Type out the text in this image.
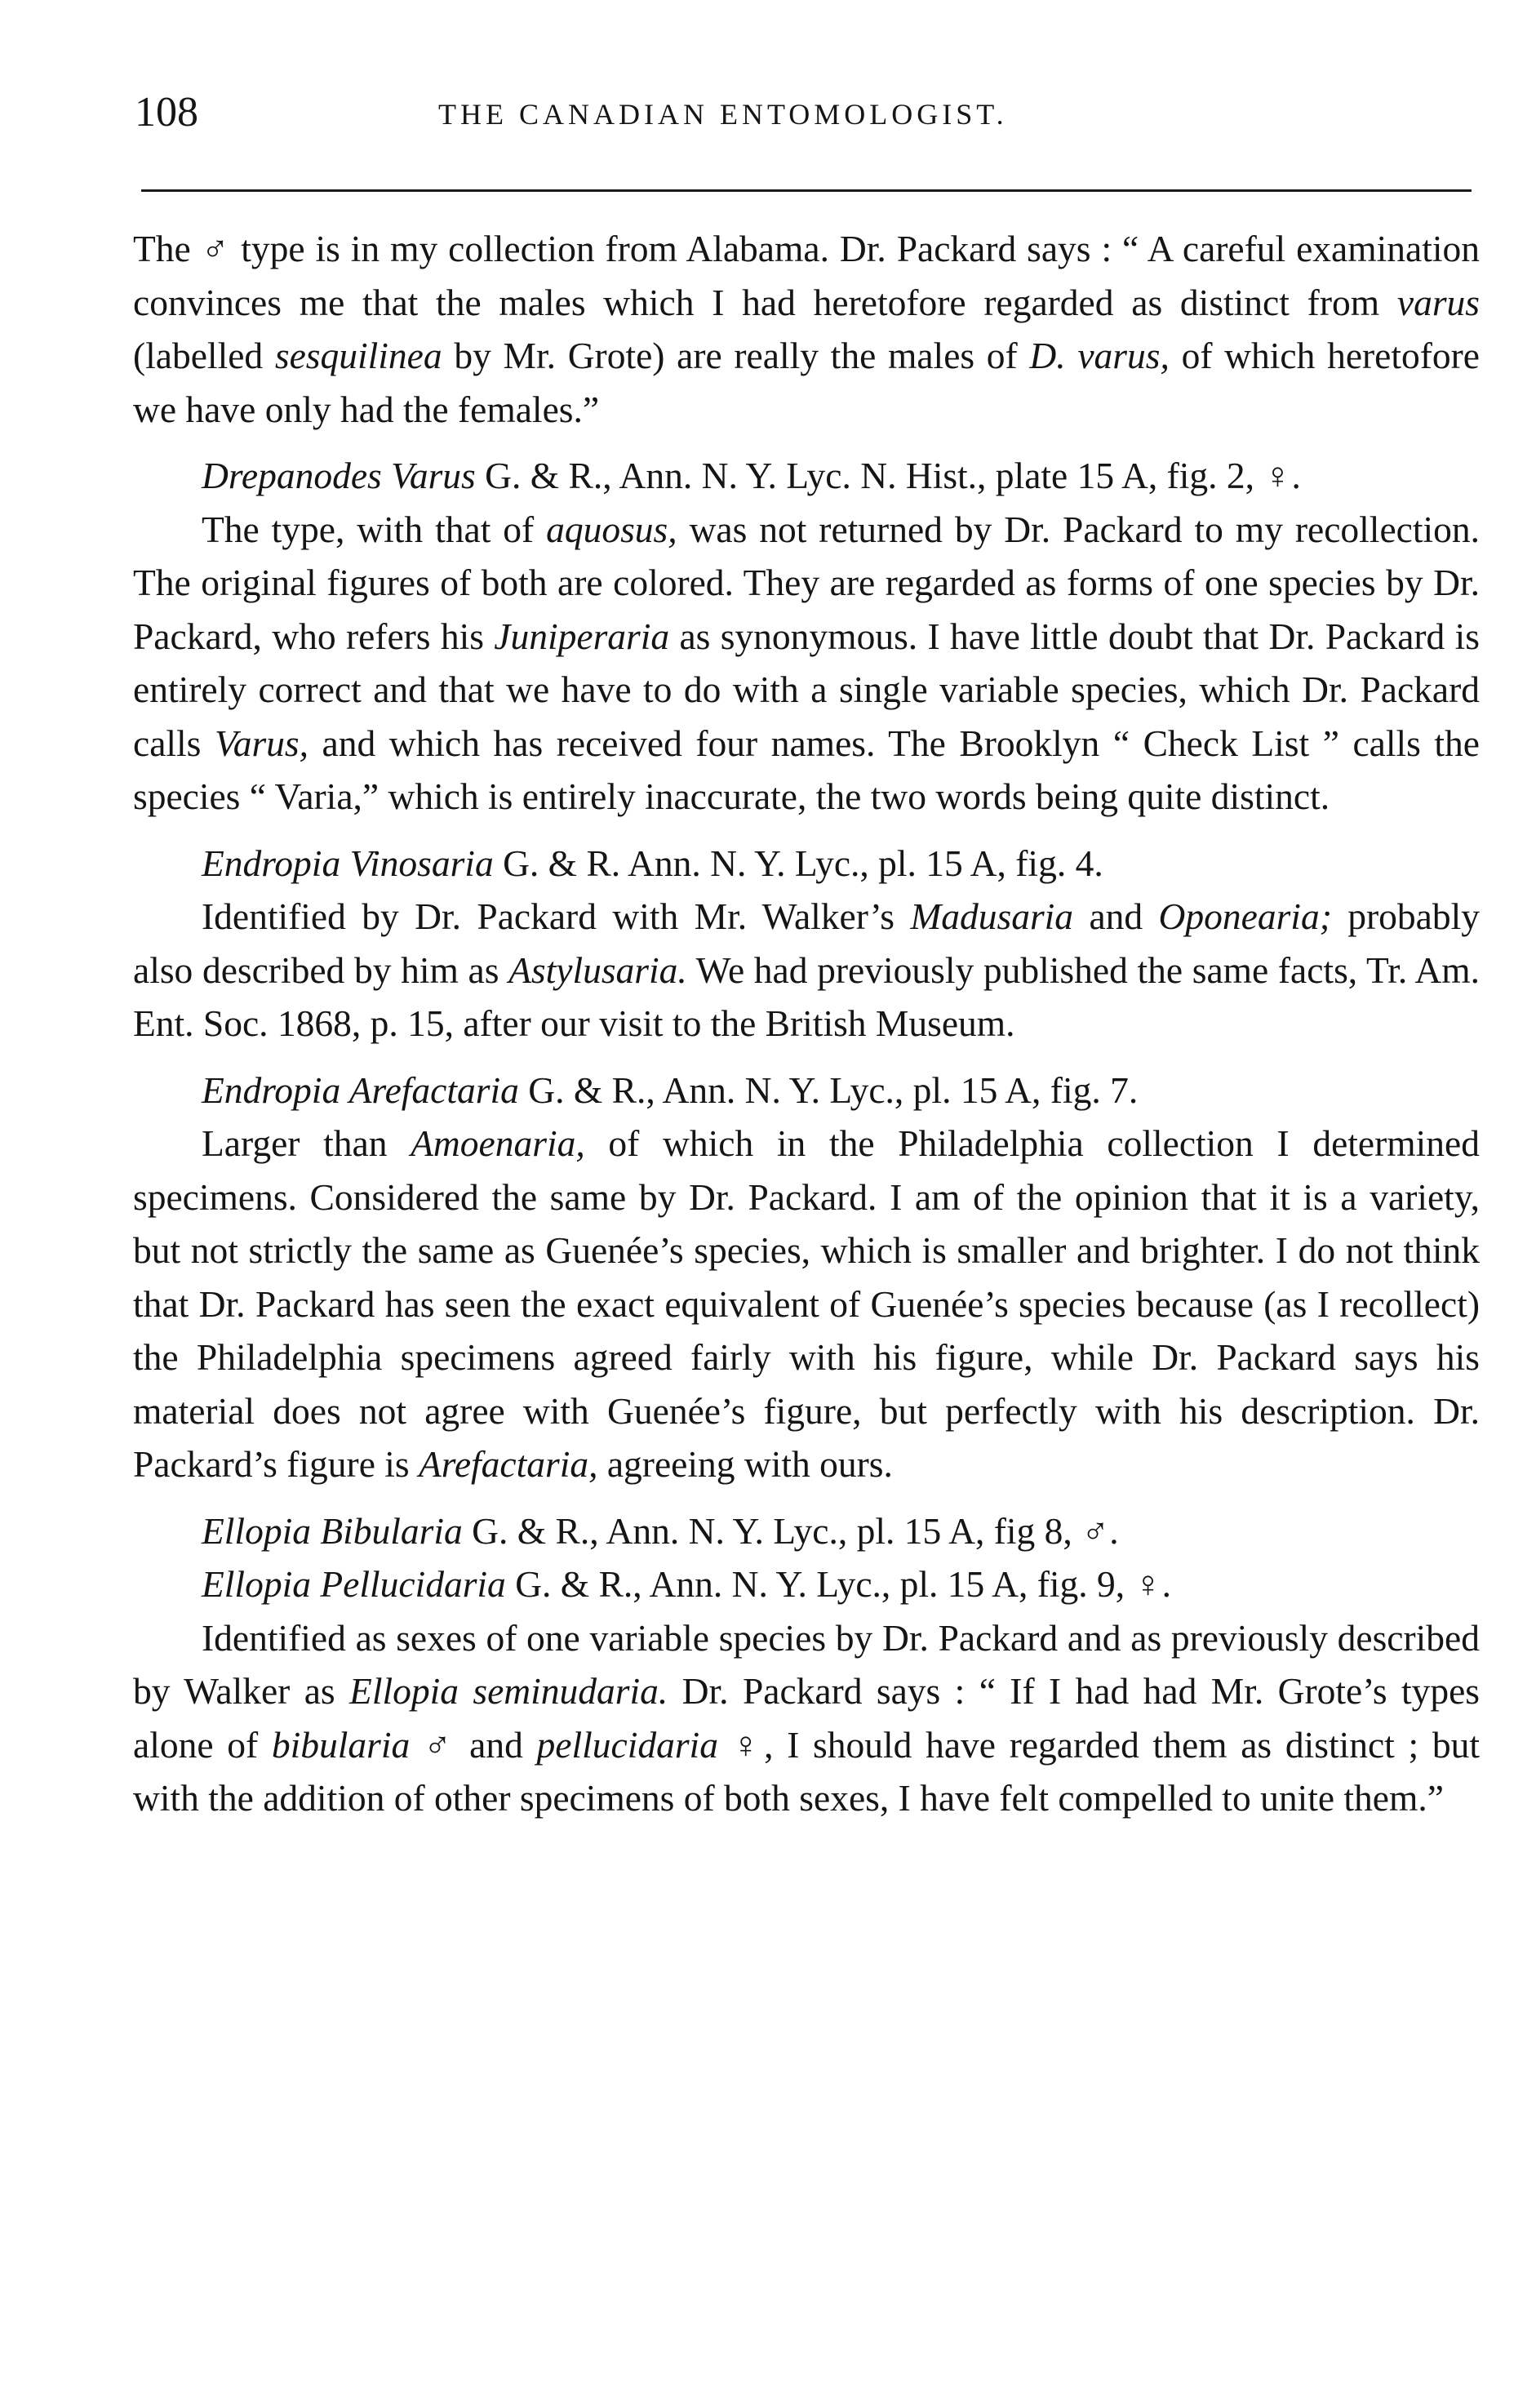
108	THE CANADIAN ENTOMOLOGIST.

The ♂ type is in my collection from Alabama. Dr. Packard says : “ A careful examination convinces me that the males which I had heretofore regarded as distinct from varus (labelled sesquilinea by Mr. Grote) are really the males of D. varus, of which heretofore we have only had the females.”

Drepanodes Varus G. & R., Ann. N. Y. Lyc. N. Hist., plate 15 A, fig. 2, ♀.

The type, with that of aquosus, was not returned by Dr. Packard to my recollection. The original figures of both are colored. They are regarded as forms of one species by Dr. Packard, who refers his Juniperaria as synonymous. I have little doubt that Dr. Packard is entirely correct and that we have to do with a single variable species, which Dr. Packard calls Varus, and which has received four names. The Brooklyn “ Check List ” calls the species “ Varia,” which is entirely inaccurate, the two words being quite distinct.

Endropia Vinosaria G. & R. Ann. N. Y. Lyc., pl. 15 A, fig. 4.

Identified by Dr. Packard with Mr. Walker’s Madusaria and Oponearia; probably also described by him as Astylusaria. We had previously published the same facts, Tr. Am. Ent. Soc. 1868, p. 15, after our visit to the British Museum.

Endropia Arefactaria G. & R., Ann. N. Y. Lyc., pl. 15 A, fig. 7.

Larger than Amoenaria, of which in the Philadelphia collection I determined specimens. Considered the same by Dr. Packard. I am of the opinion that it is a variety, but not strictly the same as Guenée’s species, which is smaller and brighter. I do not think that Dr. Packard has seen the exact equivalent of Guenée’s species because (as I recollect) the Philadelphia specimens agreed fairly with his figure, while Dr. Packard says his material does not agree with Guenée’s figure, but perfectly with his description. Dr. Packard’s figure is Arefactaria, agreeing with ours.

Ellopia Bibularia G. & R., Ann. N. Y. Lyc., pl. 15 A, fig 8, ♂.

Ellopia Pellucidaria G. & R., Ann. N. Y. Lyc., pl. 15 A, fig. 9, ♀.

Identified as sexes of one variable species by Dr. Packard and as previously described by Walker as Ellopia seminudaria. Dr. Packard says : “ If I had had Mr. Grote’s types alone of bibularia ♂ and pellucidaria ♀, I should have regarded them as distinct ; but with the addition of other specimens of both sexes, I have felt compelled to unite them.”
